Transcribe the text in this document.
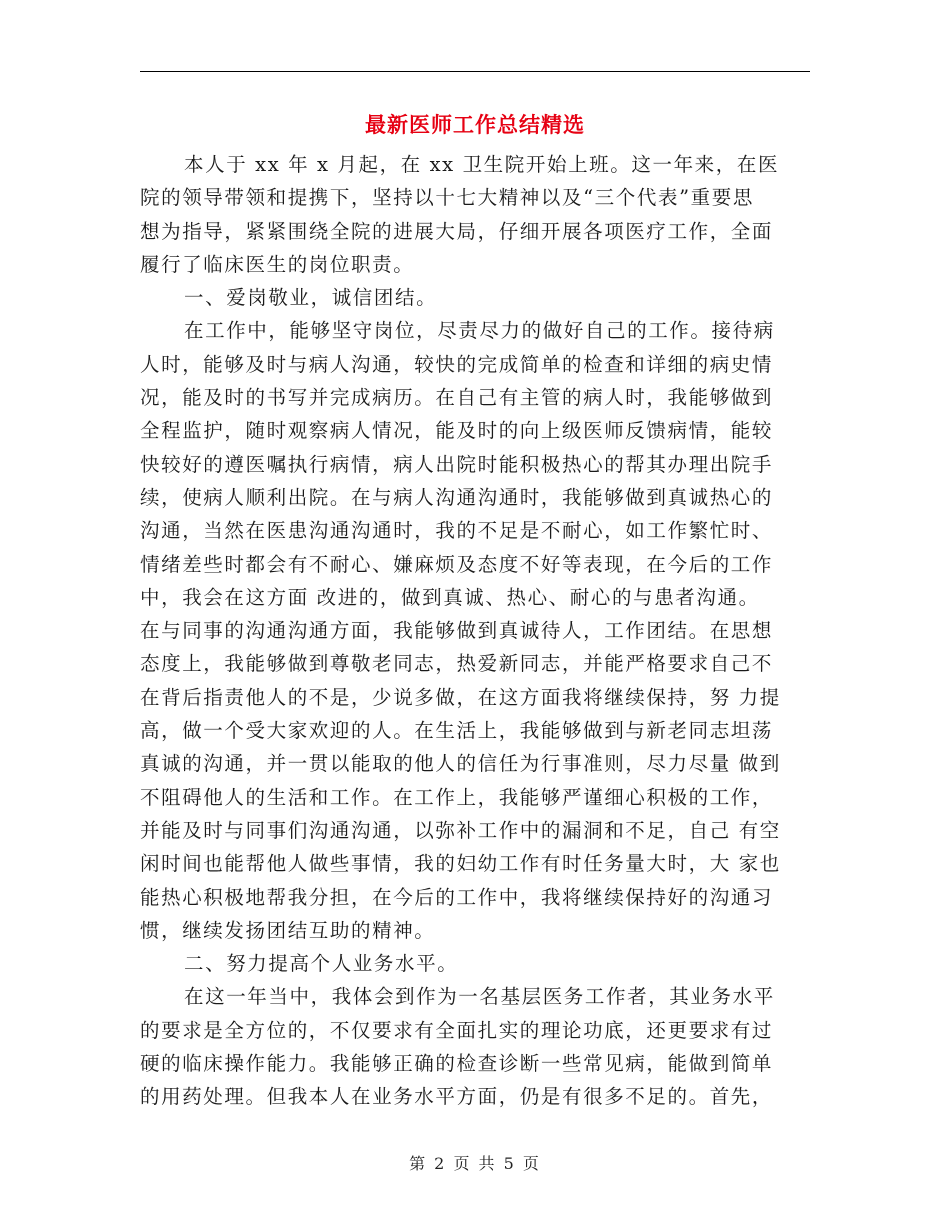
最新医师工作总结精选
本人于 xx 年 x 月起，在 xx 卫生院开始上班。这一年来，在医
院的领导带领和提携下，坚持以十七大精神以及“三个代表”重要思
想为指导，紧紧围绕全院的进展大局，仔细开展各项医疗工作，全面
履行了临床医生的岗位职责。
一、爱岗敬业，诚信团结。
在工作中，能够坚守岗位，尽责尽力的做好自己的工作。接待病
人时，能够及时与病人沟通，较快的完成简单的检查和详细的病史情
况，能及时的书写并完成病历。在自己有主管的病人时，我能够做到
全程监护，随时观察病人情况，能及时的向上级医师反馈病情，能较
快较好的遵医嘱执行病情，病人出院时能积极热心的帮其办理出院手
续，使病人顺利出院。在与病人沟通沟通时，我能够做到真诚热心的
沟通，当然在医患沟通沟通时，我的不足是不耐心，如工作繁忙时、
情绪差些时都会有不耐心、嫌麻烦及态度不好等表现，在今后的工作
中，我会在这方面 改进的，做到真诚、热心、耐心的与患者沟通。
在与同事的沟通沟通方面，我能够做到真诚待人，工作团结。在思想
态度上，我能够做到尊敬老同志，热爱新同志，并能严格要求自己不
在背后指责他人的不是，少说多做，在这方面我将继续保持，努 力提
高，做一个受大家欢迎的人。在生活上，我能够做到与新老同志坦荡
真诚的沟通，并一贯以能取的他人的信任为行事准则，尽力尽量 做到
不阻碍他人的生活和工作。在工作上，我能够严谨细心积极的工作，
并能及时与同事们沟通沟通，以弥补工作中的漏洞和不足，自己 有空
闲时间也能帮他人做些事情，我的妇幼工作有时任务量大时，大 家也
能热心积极地帮我分担，在今后的工作中，我将继续保持好的沟通习
惯，继续发扬团结互助的精神。
二、努力提高个人业务水平。
在这一年当中，我体会到作为一名基层医务工作者，其业务水平
的要求是全方位的，不仅要求有全面扎实的理论功底，还更要求有过
硬的临床操作能力。我能够正确的检查诊断一些常见病，能做到简单
的用药处理。但我本人在业务水平方面，仍是有很多不足的。首先，
第 2 页 共 5 页
